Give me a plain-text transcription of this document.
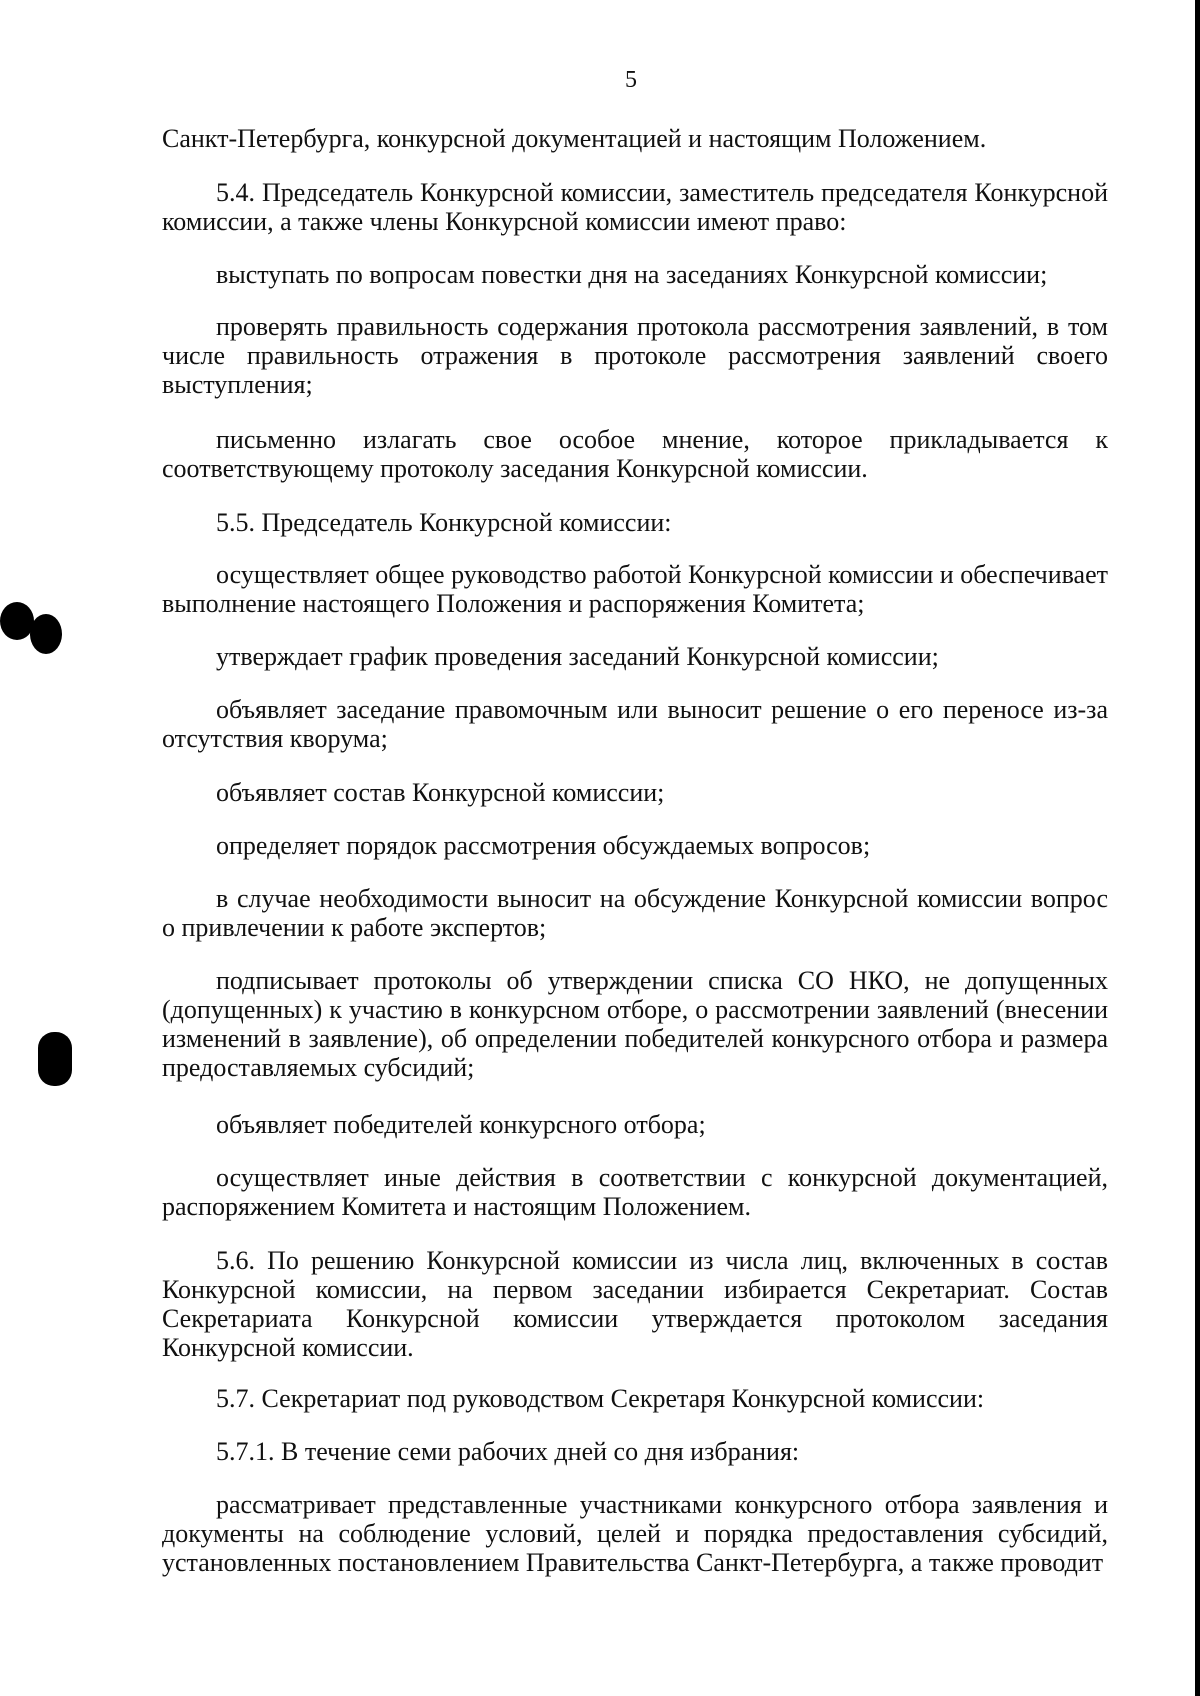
5

Санкт-Петербурга, конкурсной документацией и настоящим Положением.

5.4. Председатель Конкурсной комиссии, заместитель председателя Конкурсной комиссии, а также члены Конкурсной комиссии имеют право:

выступать по вопросам повестки дня на заседаниях Конкурсной комиссии;

проверять правильность содержания протокола рассмотрения заявлений, в том числе правильность отражения в протоколе рассмотрения заявлений своего выступления;

письменно излагать свое особое мнение, которое прикладывается к соответствующему протоколу заседания Конкурсной комиссии.

5.5. Председатель Конкурсной комиссии:

осуществляет общее руководство работой Конкурсной комиссии и обеспечивает выполнение настоящего Положения и распоряжения Комитета;

утверждает график проведения заседаний Конкурсной комиссии;

объявляет заседание правомочным или выносит решение о его переносе из-за отсутствия кворума;

объявляет состав Конкурсной комиссии;

определяет порядок рассмотрения обсуждаемых вопросов;

в случае необходимости выносит на обсуждение Конкурсной комиссии вопрос о привлечении к работе экспертов;

подписывает протоколы об утверждении списка СО НКО, не допущенных (допущенных) к участию в конкурсном отборе, о рассмотрении заявлений (внесении изменений в заявление), об определении победителей конкурсного отбора и размера предоставляемых субсидий;

объявляет победителей конкурсного отбора;

осуществляет иные действия в соответствии с конкурсной документацией, распоряжением Комитета и настоящим Положением.

5.6. По решению Конкурсной комиссии из числа лиц, включенных в состав Конкурсной комиссии, на первом заседании избирается Секретариат. Состав Секретариата Конкурсной комиссии утверждается протоколом заседания Конкурсной комиссии.

5.7. Секретариат под руководством Секретаря Конкурсной комиссии:

5.7.1. В течение семи рабочих дней со дня избрания:

рассматривает представленные участниками конкурсного отбора заявления и документы на соблюдение условий, целей и порядка предоставления субсидий, установленных постановлением Правительства Санкт-Петербурга, а также проводит
